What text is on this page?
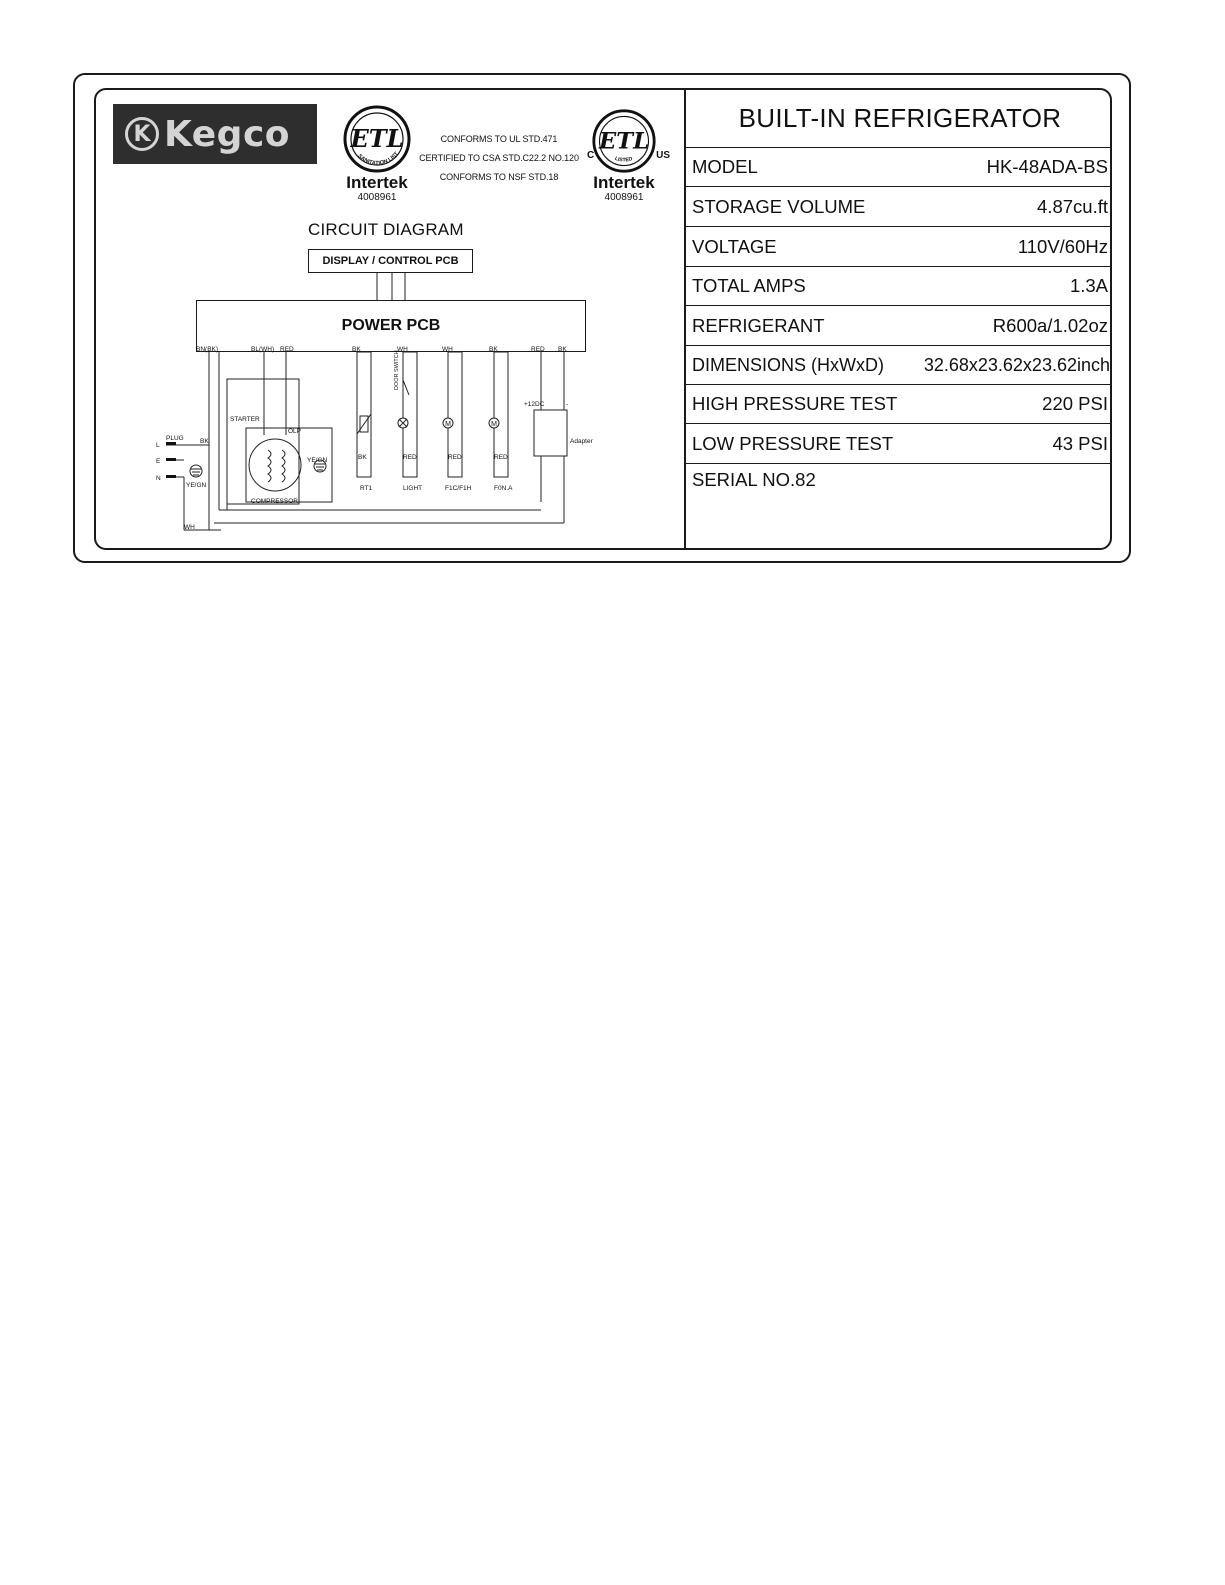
K Kegco	ETL
SANITATION LIST
Intertek
4008961
CONFORMS TO UL STD.471
CERTIFIED TO CSA STD.C22.2 NO.120
CONFORMS TO NSF STD.18
C	US
ETL
LISTED
Intertek
4008961
CIRCUIT DIAGRAM
DISPLAY / CONTROL PCB
POWER PCB
BN(BK)	BL(WH) RED	BK	WH	WH	BK	RED BK
PLUG
L
E
N
BK
YE/GN
WH
STARTER
OLP
COMPRESSOR
YE/GN
DOOR SWITCH
BK	RED	RED	RED
RT1	LIGHT	F1C/F1H	F0N.A
+12DC	-
Adapter
M	M
BUILT-IN REFRIGERATOR
MODEL	HK-48ADA-BS
STORAGE VOLUME	4.87cu.ft
VOLTAGE	110V/60Hz
TOTAL AMPS	1.3A
REFRIGERANT	R600a/1.02oz
DIMENSIONS (HxWxD) 32.68x23.62x23.62inch
HIGH PRESSURE TEST	220 PSI
LOW PRESSURE TEST	43 PSI
SERIAL NO.82
